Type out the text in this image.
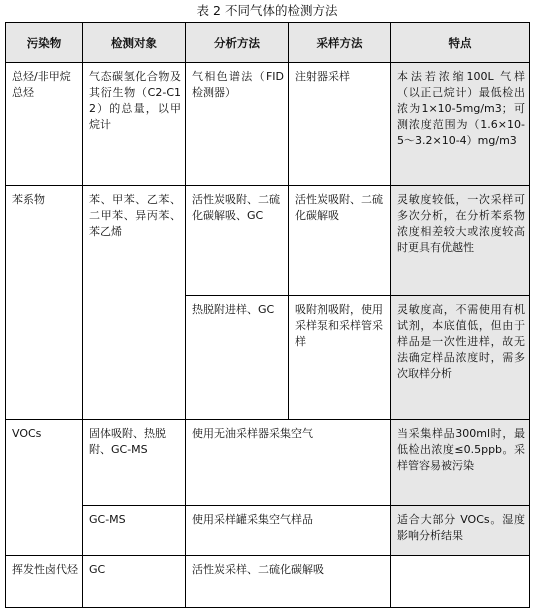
表 2 不同气体的检测方法
污染物	检测对象	分析方法	采样方法	特点
总烃/非甲烷总烃	气态碳氢化合物及其衍生物（C2-C12）的总量，以甲烷计	气相色谱法（FID 检测器）	注射器采样	本法若浓缩100L 气样（以正己烷计）最低检出浓为1×10-5mg/m3；可测浓度范围为（1.6×10-5～3.2×10-4）mg/m3
苯系物	苯、甲苯、乙苯、二甲苯、异丙苯、苯乙烯	活性炭吸附、二硫化碳解吸、GC	活性炭吸附、二硫化碳解吸	灵敏度较低，一次采样可多次分析，在分析苯系物浓度相差较大或浓度较高时更具有优越性
		热脱附进样、GC	吸附剂吸附，使用采样泵和采样管采样	灵敏度高，不需使用有机试剂，本底值低，但由于样品是一次性进样，故无法确定样品浓度时，需多次取样分析
VOCs	固体吸附、热脱附、GC-MS	使用无油采样器采集空气		当采集样品300ml时，最低检出浓度≤0.5ppb。采样管容易被污染
	GC-MS	使用采样罐采集空气样品		适合大部分 VOCs。湿度影响分析结果
挥发性卤代烃	GC	活性炭采样、二硫化碳解吸		
